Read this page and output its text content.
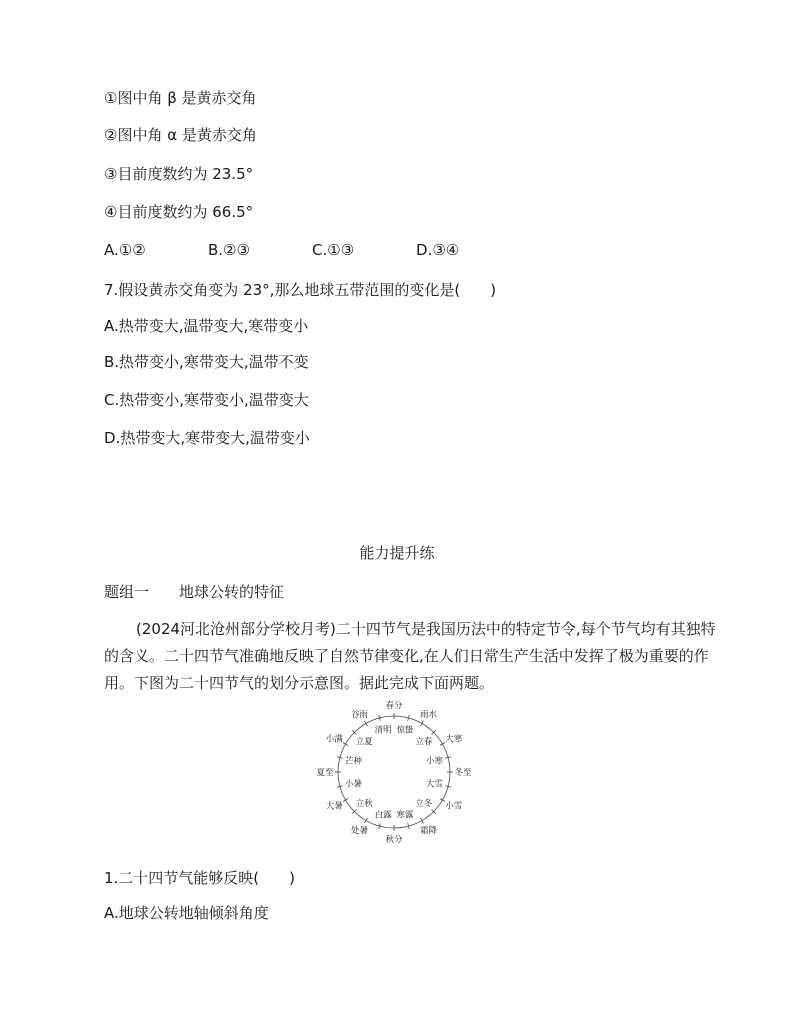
①图中角 β 是黄赤交角
②图中角 α 是黄赤交角
③目前度数约为 23.5°
④目前度数约为 66.5°
A.①②	B.②③	C.①③	D.③④
7.假设黄赤交角变为 23°,那么地球五带范围的变化是(　　)
A.热带变大,温带变大,寒带变小
B.热带变小,寒带变大,温带不变
C.热带变小,寒带变小,温带变大
D.热带变大,寒带变大,温带变小
能力提升练
题组一 地球公转的特征
(2024河北沧州部分学校月考)二十四节气是我国历法中的特定节令,每个节气均有其独特的含义。二十四节气准确地反映了自然节律变化,在人们日常生产生活中发挥了极为重要的作用。下图为二十四节气的划分示意图。据此完成下面两题。
春分
雨水
大寒
冬至
小雪
霜降
秋分
处暑
大暑
夏至
小满
谷雨
惊蛰
立春
小寒
大雪
立冬
寒露
白露
立秋
小暑
芒种
立夏
清明
1.二十四节气能够反映(　　)
A.地球公转地轴倾斜角度
